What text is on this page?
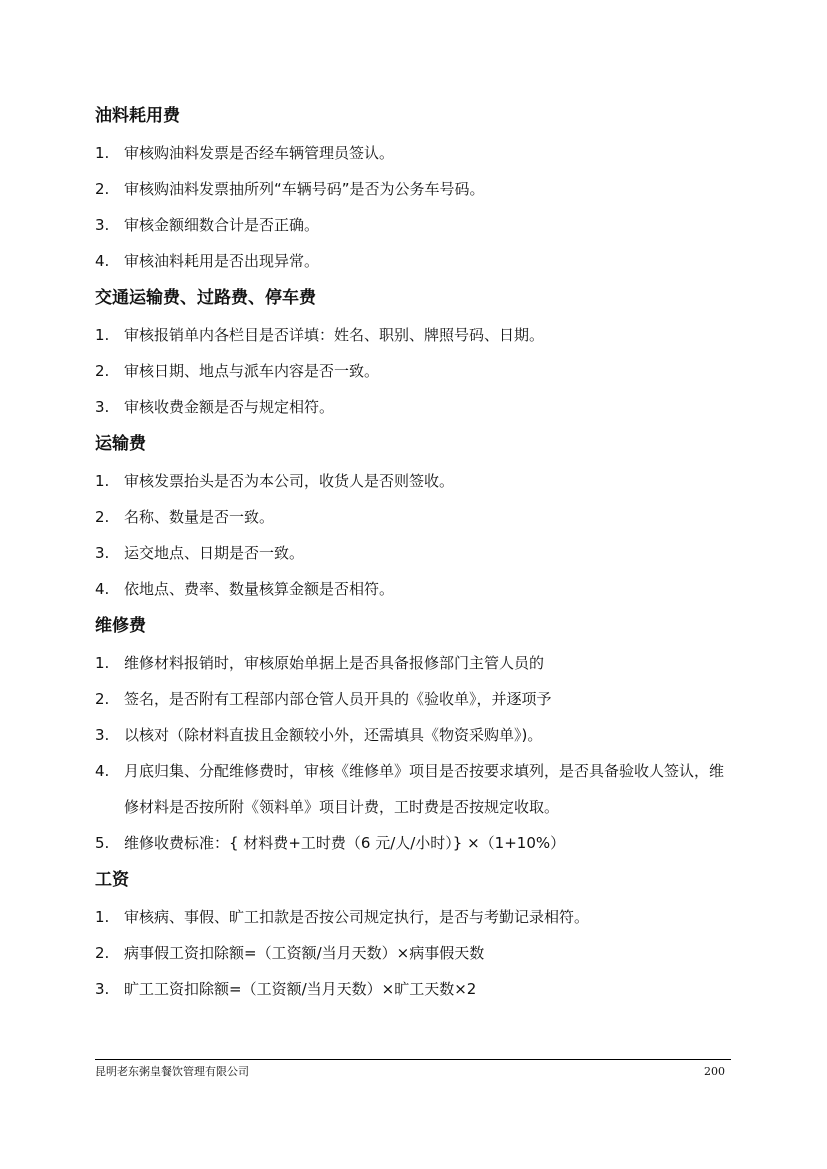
油料耗用费
1. 审核购油料发票是否经车辆管理员签认。
2. 审核购油料发票抽所列“车辆号码”是否为公务车号码。
3. 审核金额细数合计是否正确。
4. 审核油料耗用是否出现异常。
交通运输费、过路费、停车费
1. 审核报销单内各栏目是否详填：姓名、职别、牌照号码、日期。
2. 审核日期、地点与派车内容是否一致。
3. 审核收费金额是否与规定相符。
运输费
1. 审核发票抬头是否为本公司，收货人是否则签收。
2. 名称、数量是否一致。
3. 运交地点、日期是否一致。
4. 依地点、费率、数量核算金额是否相符。
维修费
1. 维修材料报销时，审核原始单据上是否具备报修部门主管人员的
2. 签名，是否附有工程部内部仓管人员开具的《验收单》，并逐项予
3. 以核对（除材料直拔且金额较小外，还需填具《物资采购单》)。
4. 月底归集、分配维修费时，审核《维修单》项目是否按要求填列，是否具备验收人签认，维修材料是否按所附《领料单》项目计费，工时费是否按规定收取。
5. 维修收费标准：{ 材料费+工时费（6 元/人/小时）} ×（1+10%）
工资
1. 审核病、事假、旷工扣款是否按公司规定执行，是否与考勤记录相符。
2. 病事假工资扣除额=（工资额/当月天数）×病事假天数
3. 旷工工资扣除额=（工资额/当月天数）×旷工天数×2
昆明老东粥皇餐饮管理有限公司	200
